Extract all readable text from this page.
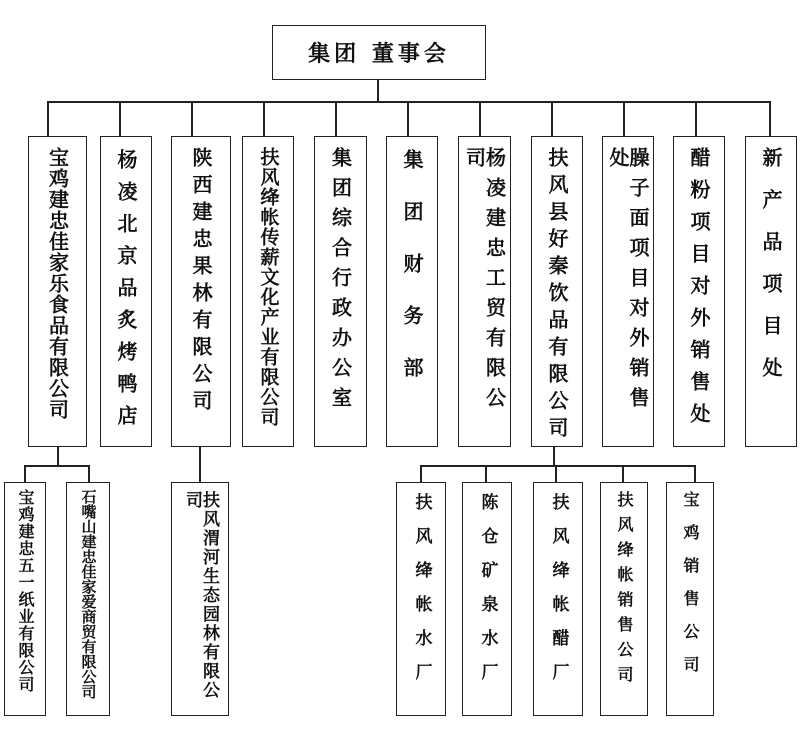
集团 董事会
宝鸡建忠佳家乐食品有限公司 杨凌北京品炙烤鸭店	陕西建忠果林有限公司 扶风绛帐传薪文化产业有限公司 集团综合行政办公室 集团财务部	杨凌建忠工贸有限公司	扶风县好秦饮品有限公司	臊子面项目对外销售处	醋粉项目对外销售处 新产品项目处
宝鸡建忠五一纸业有限公司	石嘴山建忠佳家爱商贸有限公司	扶风渭河生态园林有限公司	扶风绛帐水厂	陈仓矿泉水厂	扶风绛帐醋厂	扶风绛帐销售公司	宝鸡销售公司
